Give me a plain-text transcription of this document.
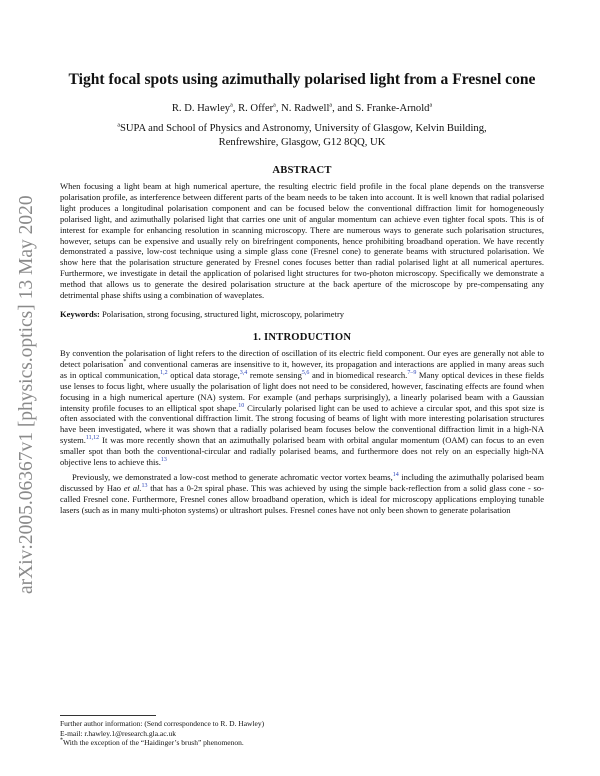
arXiv:2005.06367v1 [physics.optics] 13 May 2020
Tight focal spots using azimuthally polarised light from a Fresnel cone
R. D. Hawley$^a$, R. Offer$^a$, N. Radwell$^a$, and S. Franke-Arnold$^a$
$^a$SUPA and School of Physics and Astronomy, University of Glasgow, Kelvin Building,
Renfrewshire, Glasgow, G12 8QQ, UK
ABSTRACT
When focusing a light beam at high numerical aperture, the resulting electric field profile in the focal plane depends on the transverse polarisation profile, as interference between different parts of the beam needs to be taken into account. It is well known that radial polarised light produces a longitudinal polarisation component and can be focused below the conventional diffraction limit for homogeneously polarised light, and azimuthally polarised light that carries one unit of angular momentum can achieve even tighter focal spots. This is of interest for example for enhancing resolution in scanning microscopy. There are numerous ways to generate such polarisation structures, however, setups can be expensive and usually rely on birefringent components, hence prohibiting broadband operation. We have recently demonstrated a passive, low-cost technique using a simple glass cone (Fresnel cone) to generate beams with structured polarisation. We show here that the polarisation structure generated by Fresnel cones focuses better than radial polarised light at all numerical apertures. Furthermore, we investigate in detail the application of polarised light structures for two-photon microscopy. Specifically we demonstrate a method that allows us to generate the desired polarisation structure at the back aperture of the microscope by pre-compensating any detrimental phase shifts using a combination of waveplates.
Keywords: Polarisation, strong focusing, structured light, microscopy, polarimetry
1. INTRODUCTION

By convention the polarisation of light refers to the direction of oscillation of its electric field component. Our eyes are generally not able to detect polarisation* and conventional cameras are insensitive to it, however, its propagation and interactions are applied in many areas such as in optical communication,$^{1,2}$ optical data storage,$^{3,4}$ remote sensing$^{5,6}$ and in biomedical research.$^{7-9}$ Many optical devices in these fields use lenses to focus light, where usually the polarisation of light does not need to be considered, however, fascinating effects are found when focusing in a high numerical aperture (NA) system. For example (and perhaps surprisingly), a linearly polarised beam with a Gaussian intensity profile focuses to an elliptical spot shape.$^{10}$ Circularly polarised light can be used to achieve a circular spot, and this spot size is often associated with the conventional diffraction limit. The strong focusing of beams of light with more interesting polarisation structures have been investigated, where it was shown that a radially polarised beam focuses below the conventional diffraction limit in a high-NA system.$^{11,12}$ It was more recently shown that an azimuthally polarised beam with orbital angular momentum (OAM) can focus to an even smaller spot than both the conventional-circular and radially polarised beams, and furthermore does not rely on an especially high-NA objective lens to achieve this.$^{13}$

Previously, we demonstrated a low-cost method to generate achromatic vector vortex beams,$^{14}$ including the azimuthally polarised beam discussed by Hao et al.$^{13}$ that has a 0-2π spiral phase. This was achieved by using the simple back-reflection from a solid glass cone - so-called Fresnel cone. Furthermore, Fresnel cones allow broadband operation, which is ideal for microscopy applications employing tunable lasers (such as in many multi-photon systems) or ultrashort pulses. Fresnel cones have not only been shown to generate polarisation

Further author information: (Send correspondence to R. D. Hawley)
E-mail: r.hawley.1@research.gla.ac.uk
*With the exception of the “Haidinger’s brush” phenomenon.
